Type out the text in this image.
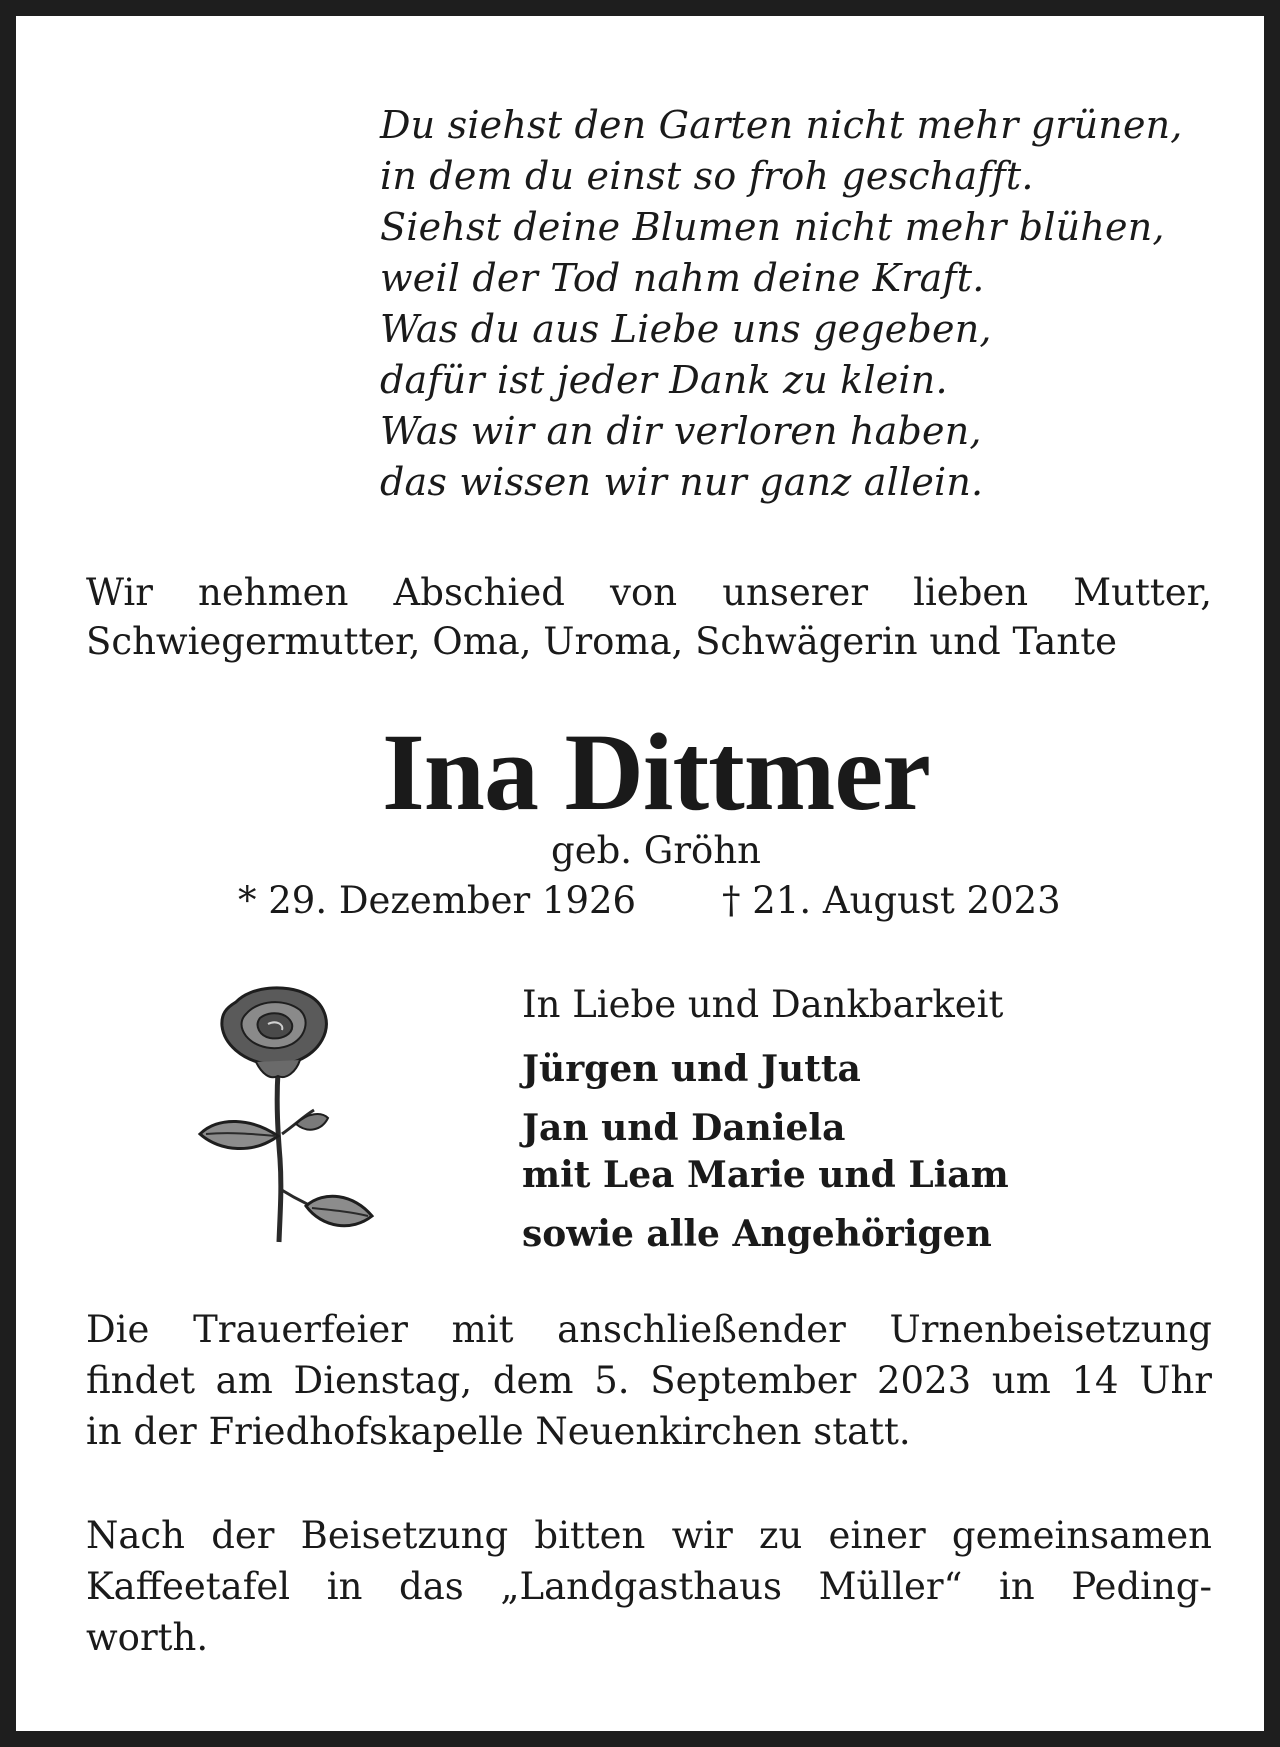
Du siehst den Garten nicht mehr grünen,
in dem du einst so froh geschafft.
Siehst deine Blumen nicht mehr blühen,
weil der Tod nahm deine Kraft.
Was du aus Liebe uns gegeben,
dafür ist jeder Dank zu klein.
Was wir an dir verloren haben,
das wissen wir nur ganz allein.
Wir nehmen Abschied von unserer lieben Mutter,
Schwiegermutter, Oma, Uroma, Schwägerin und Tante
Ina Dittmer
geb. Gröhn
* 29. Dezember 1926 † 21. August 2023
In Liebe und Dankbarkeit
Jürgen und Jutta
Jan und Daniela
mit Lea Marie und Liam
sowie alle Angehörigen
Die Trauerfeier mit anschließender Urnenbeisetzung
findet am Dienstag, dem 5. September 2023 um 14 Uhr
in der Friedhofskapelle Neuenkirchen statt.
Nach der Beisetzung bitten wir zu einer gemeinsamen
Kaffeetafel in das „Landgasthaus Müller“ in Peding-
worth.
